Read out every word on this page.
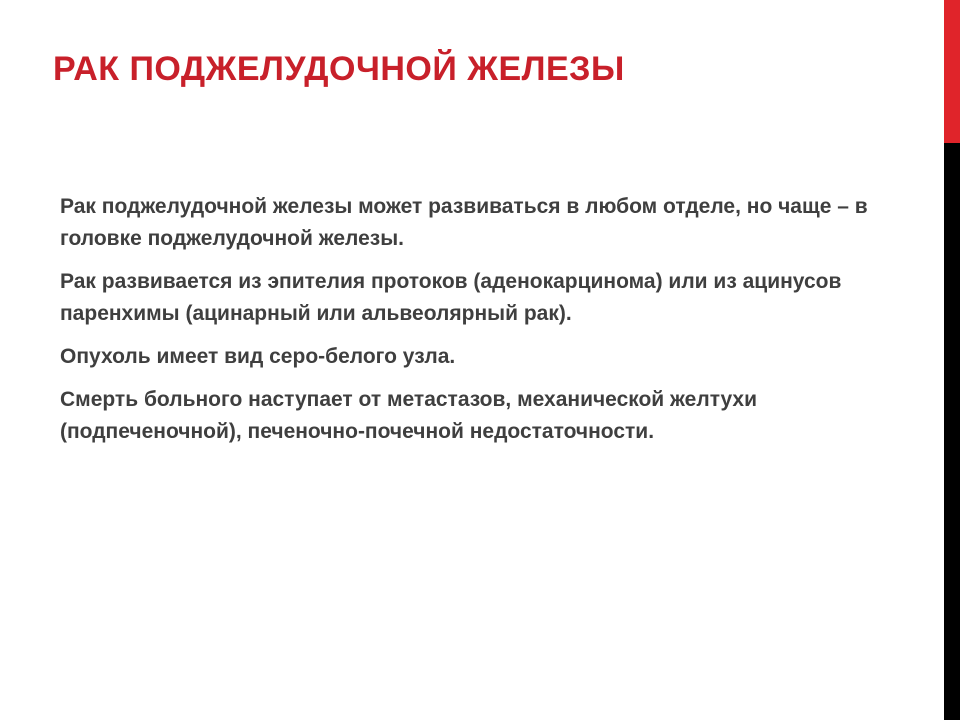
РАК ПОДЖЕЛУДОЧНОЙ ЖЕЛЕЗЫ

Рак поджелудочной железы может развиваться в любом отделе, но чаще – в головке поджелудочной железы.

Рак развивается из эпителия протоков (аденокарцинома) или из ацинусов паренхимы (ацинарный или альвеолярный рак).

Опухоль имеет вид серо-белого узла.

Смерть больного наступает от метастазов, механической желтухи (подпеченочной), печеночно-почечной недостаточности.
